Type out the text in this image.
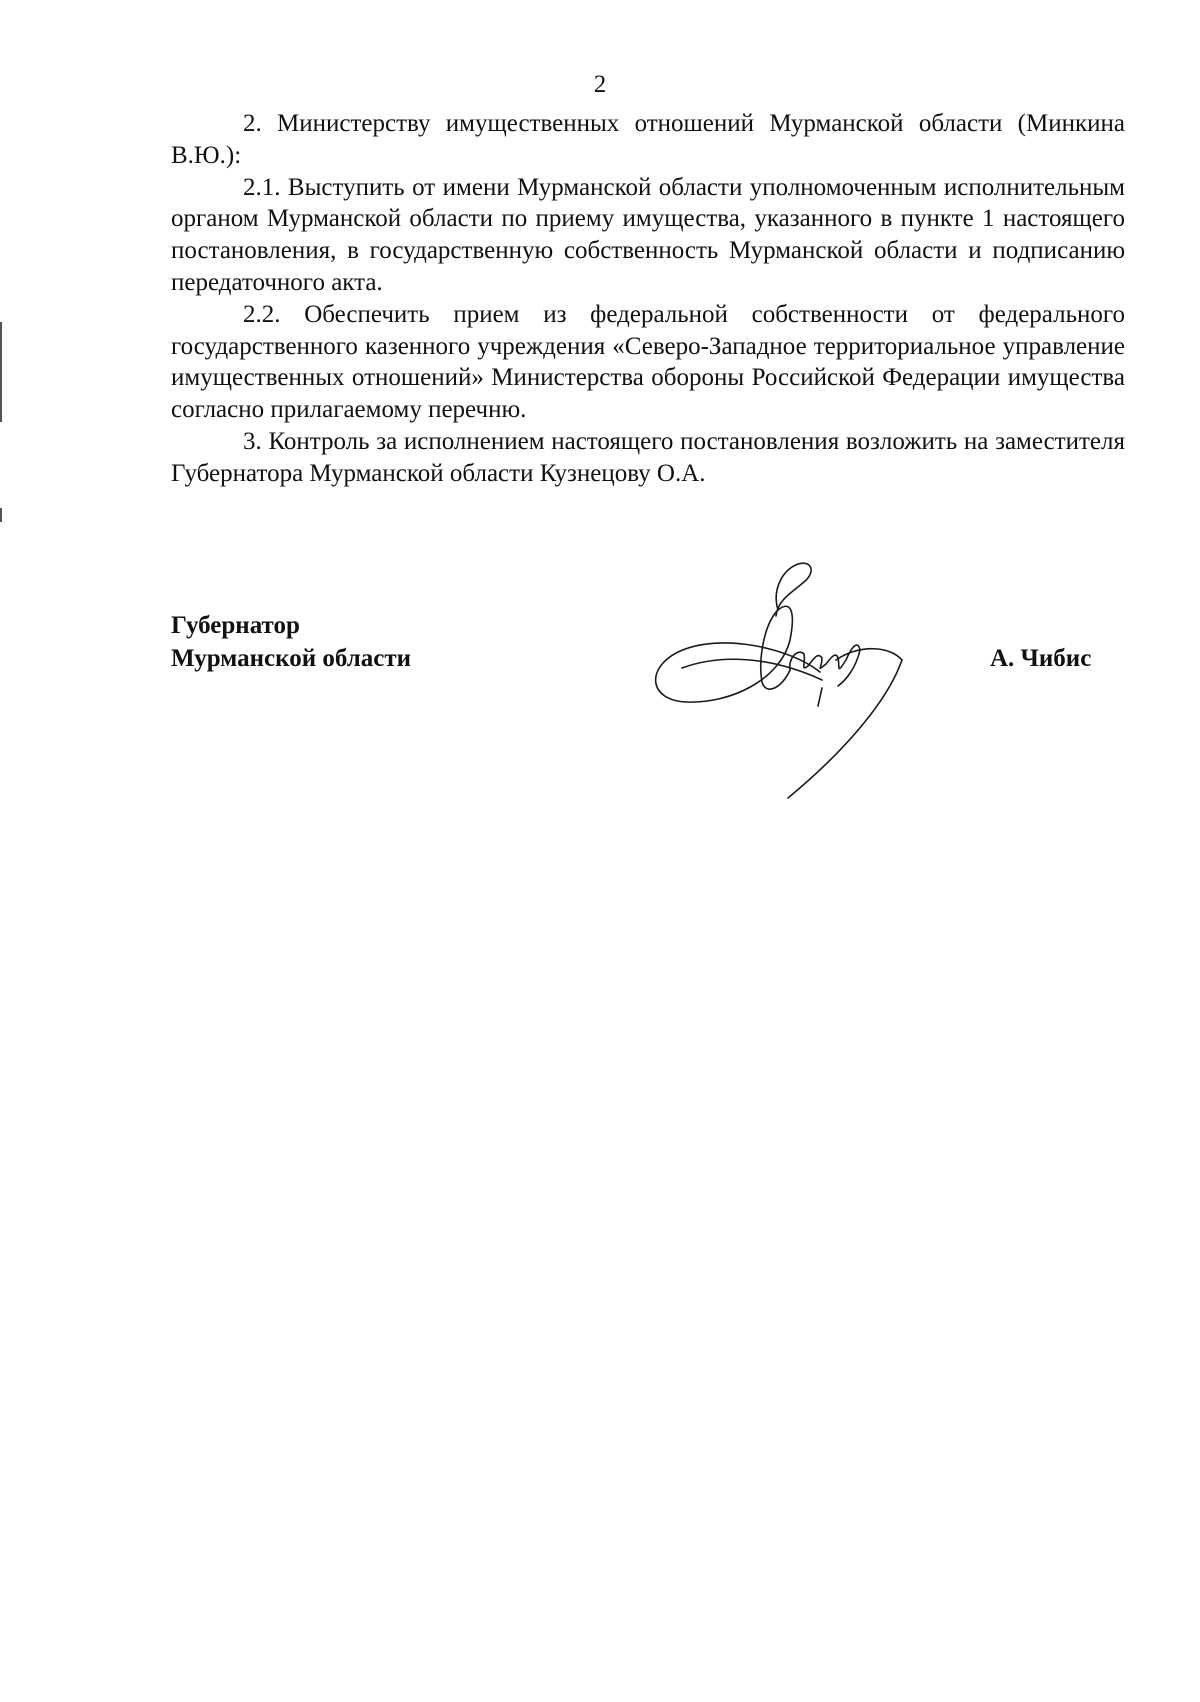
2

2. Министерству имущественных отношений Мурманской области (Минкина В.Ю.):

2.1. Выступить от имени Мурманской области уполномоченным исполнительным органом Мурманской области по приему имущества, указанного в пункте 1 настоящего постановления, в государственную собственность Мурманской области и подписанию передаточного акта.

2.2. Обеспечить прием из федеральной собственности от федерального государственного казенного учреждения «Северо-Западное территориальное управление имущественных отношений» Министерства обороны Российской Федерации имущества согласно прилагаемому перечню.

3. Контроль за исполнением настоящего постановления возложить на заместителя Губернатора Мурманской области Кузнецову О.А.

Губернатор
Мурманской области	А. Чибис
